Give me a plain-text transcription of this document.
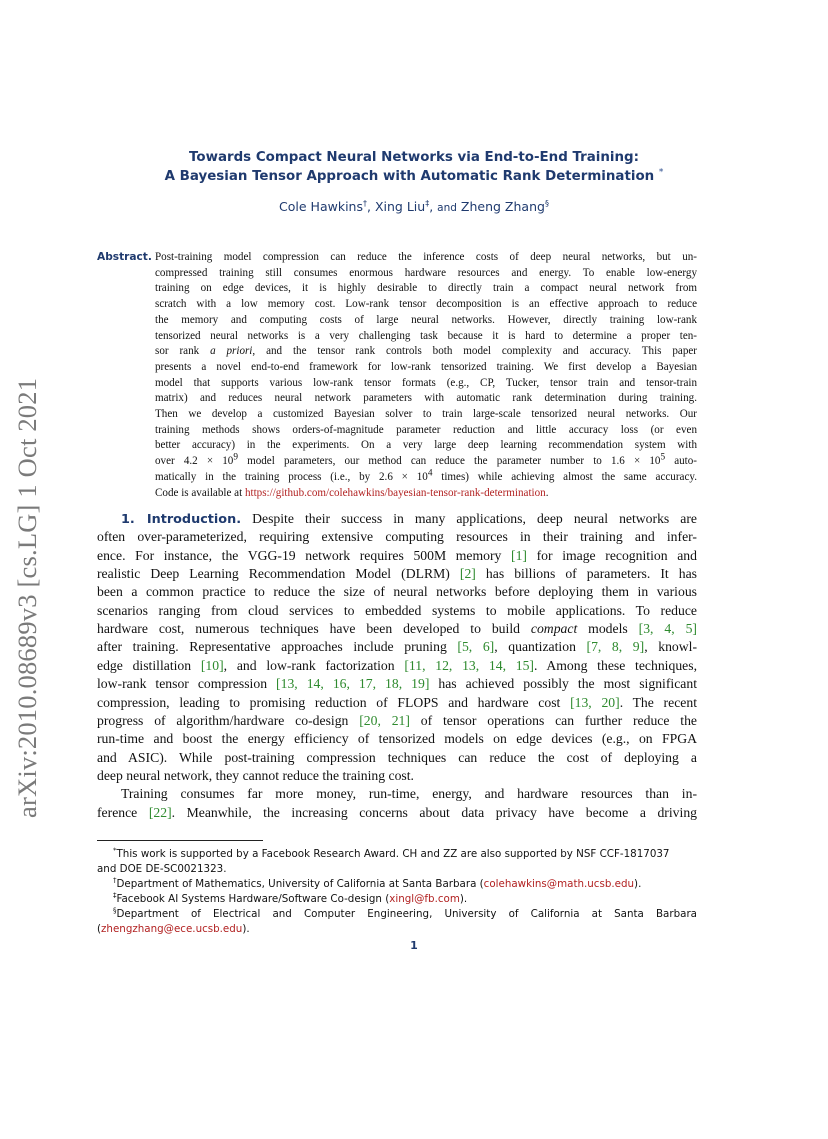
arXiv:2010.08689v3 [cs.LG] 1 Oct 2021
Towards Compact Neural Networks via End-to-End Training:
A Bayesian Tensor Approach with Automatic Rank Determination *
Cole Hawkins†, Xing Liu‡, and Zheng Zhang§
Abstract. Post-training model compression can reduce the inference costs of deep neural networks, but un-
compressed training still consumes enormous hardware resources and energy. To enable low-energy
training on edge devices, it is highly desirable to directly train a compact neural network from
scratch with a low memory cost. Low-rank tensor decomposition is an effective approach to reduce
the memory and computing costs of large neural networks. However, directly training low-rank
tensorized neural networks is a very challenging task because it is hard to determine a proper ten-
sor rank a priori, and the tensor rank controls both model complexity and accuracy. This paper
presents a novel end-to-end framework for low-rank tensorized training. We first develop a Bayesian
model that supports various low-rank tensor formats (e.g., CP, Tucker, tensor train and tensor-train
matrix) and reduces neural network parameters with automatic rank determination during training.
Then we develop a customized Bayesian solver to train large-scale tensorized neural networks. Our
training methods shows orders-of-magnitude parameter reduction and little accuracy loss (or even
better accuracy) in the experiments. On a very large deep learning recommendation system with
over $4.2 \times 10^9$ model parameters, our method can reduce the parameter number to $1.6 \times 10^5$ auto-
matically in the training process (i.e., by $2.6 \times 10^4$ times) while achieving almost the same accuracy.
Code is available at https://github.com/colehawkins/bayesian-tensor-rank-determination.
1. Introduction. Despite their success in many applications, deep neural networks are
often over-parameterized, requiring extensive computing resources in their training and infer-
ence. For instance, the VGG-19 network requires 500M memory [1] for image recognition and
realistic Deep Learning Recommendation Model (DLRM) [2] has billions of parameters. It has
been a common practice to reduce the size of neural networks before deploying them in various
scenarios ranging from cloud services to embedded systems to mobile applications. To reduce
hardware cost, numerous techniques have been developed to build compact models [3, 4, 5]
after training. Representative approaches include pruning [5, 6], quantization [7, 8, 9], knowl-
edge distillation [10], and low-rank factorization [11, 12, 13, 14, 15]. Among these techniques,
low-rank tensor compression [13, 14, 16, 17, 18, 19] has achieved possibly the most significant
compression, leading to promising reduction of FLOPS and hardware cost [13, 20]. The recent
progress of algorithm/hardware co-design [20, 21] of tensor operations can further reduce the
run-time and boost the energy efficiency of tensorized models on edge devices (e.g., on FPGA
and ASIC). While post-training compression techniques can reduce the cost of deploying a
deep neural network, they cannot reduce the training cost.
Training consumes far more money, run-time, energy, and hardware resources than in-
ference [22]. Meanwhile, the increasing concerns about data privacy have become a driving
*This work is supported by a Facebook Research Award. CH and ZZ are also supported by NSF CCF-1817037
and DOE DE-SC0021323.
†Department of Mathematics, University of California at Santa Barbara (colehawkins@math.ucsb.edu).
‡Facebook AI Systems Hardware/Software Co-design (xingl@fb.com).
§Department of Electrical and Computer Engineering, University of California at Santa Barbara
(zhengzhang@ece.ucsb.edu).
1
